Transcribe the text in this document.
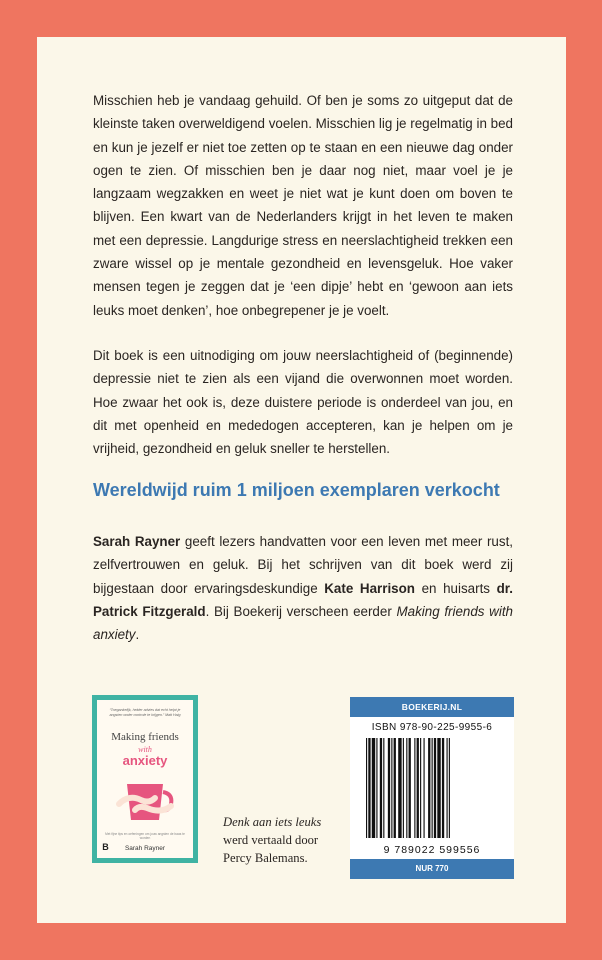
Misschien heb je vandaag gehuild. Of ben je soms zo uitgeput dat de kleinste taken overweldigend voelen. Misschien lig je regelmatig in bed en kun je jezelf er niet toe zetten op te staan en een nieuwe dag onder ogen te zien. Of misschien ben je daar nog niet, maar voel je je langzaam wegzakken en weet je niet wat je kunt doen om boven te blijven. Een kwart van de Nederlanders krijgt in het leven te maken met een depressie. Langdurige stress en neerslachtigheid trekken een zware wissel op je mentale gezondheid en levensgeluk. Hoe vaker mensen tegen je zeggen dat je ‘een dipje’ hebt en ‘gewoon aan iets leuks moet denken’, hoe onbegrepener je je voelt.

Dit boek is een uitnodiging om jouw neerslachtigheid of (beginnende) depressie niet te zien als een vijand die overwonnen moet worden. Hoe zwaar het ook is, deze duistere periode is onderdeel van jou, en dit met openheid en mededogen accepteren, kan je helpen om je vrijheid, gezondheid en geluk sneller te herstellen.

Wereldwijd ruim 1 miljoen exemplaren verkocht

Sarah Rayner geeft lezers handvatten voor een leven met meer rust, zelfvertrouwen en geluk. Bij het schrijven van dit boek werd zij bijgestaan door ervaringsdeskundige Kate Harrison en huisarts dr. Patrick Fitzgerald. Bij Boekerij verscheen eerder Making friends with anxiety.

“Toegankelijk, helder advies dat echt helpt je angsten onder controle te krijgen.” Matt Haig
Making friends
with
anxiety
Met fijne tips en oefeningen om jouw angsten de baas te worden
B	Sarah Rayner
Denk aan iets leuks
werd vertaald door
Percy Balemans.
BOEKERIJ.NL
ISBN 978-90-225-9955-6
9 789022 599556
NUR 770
